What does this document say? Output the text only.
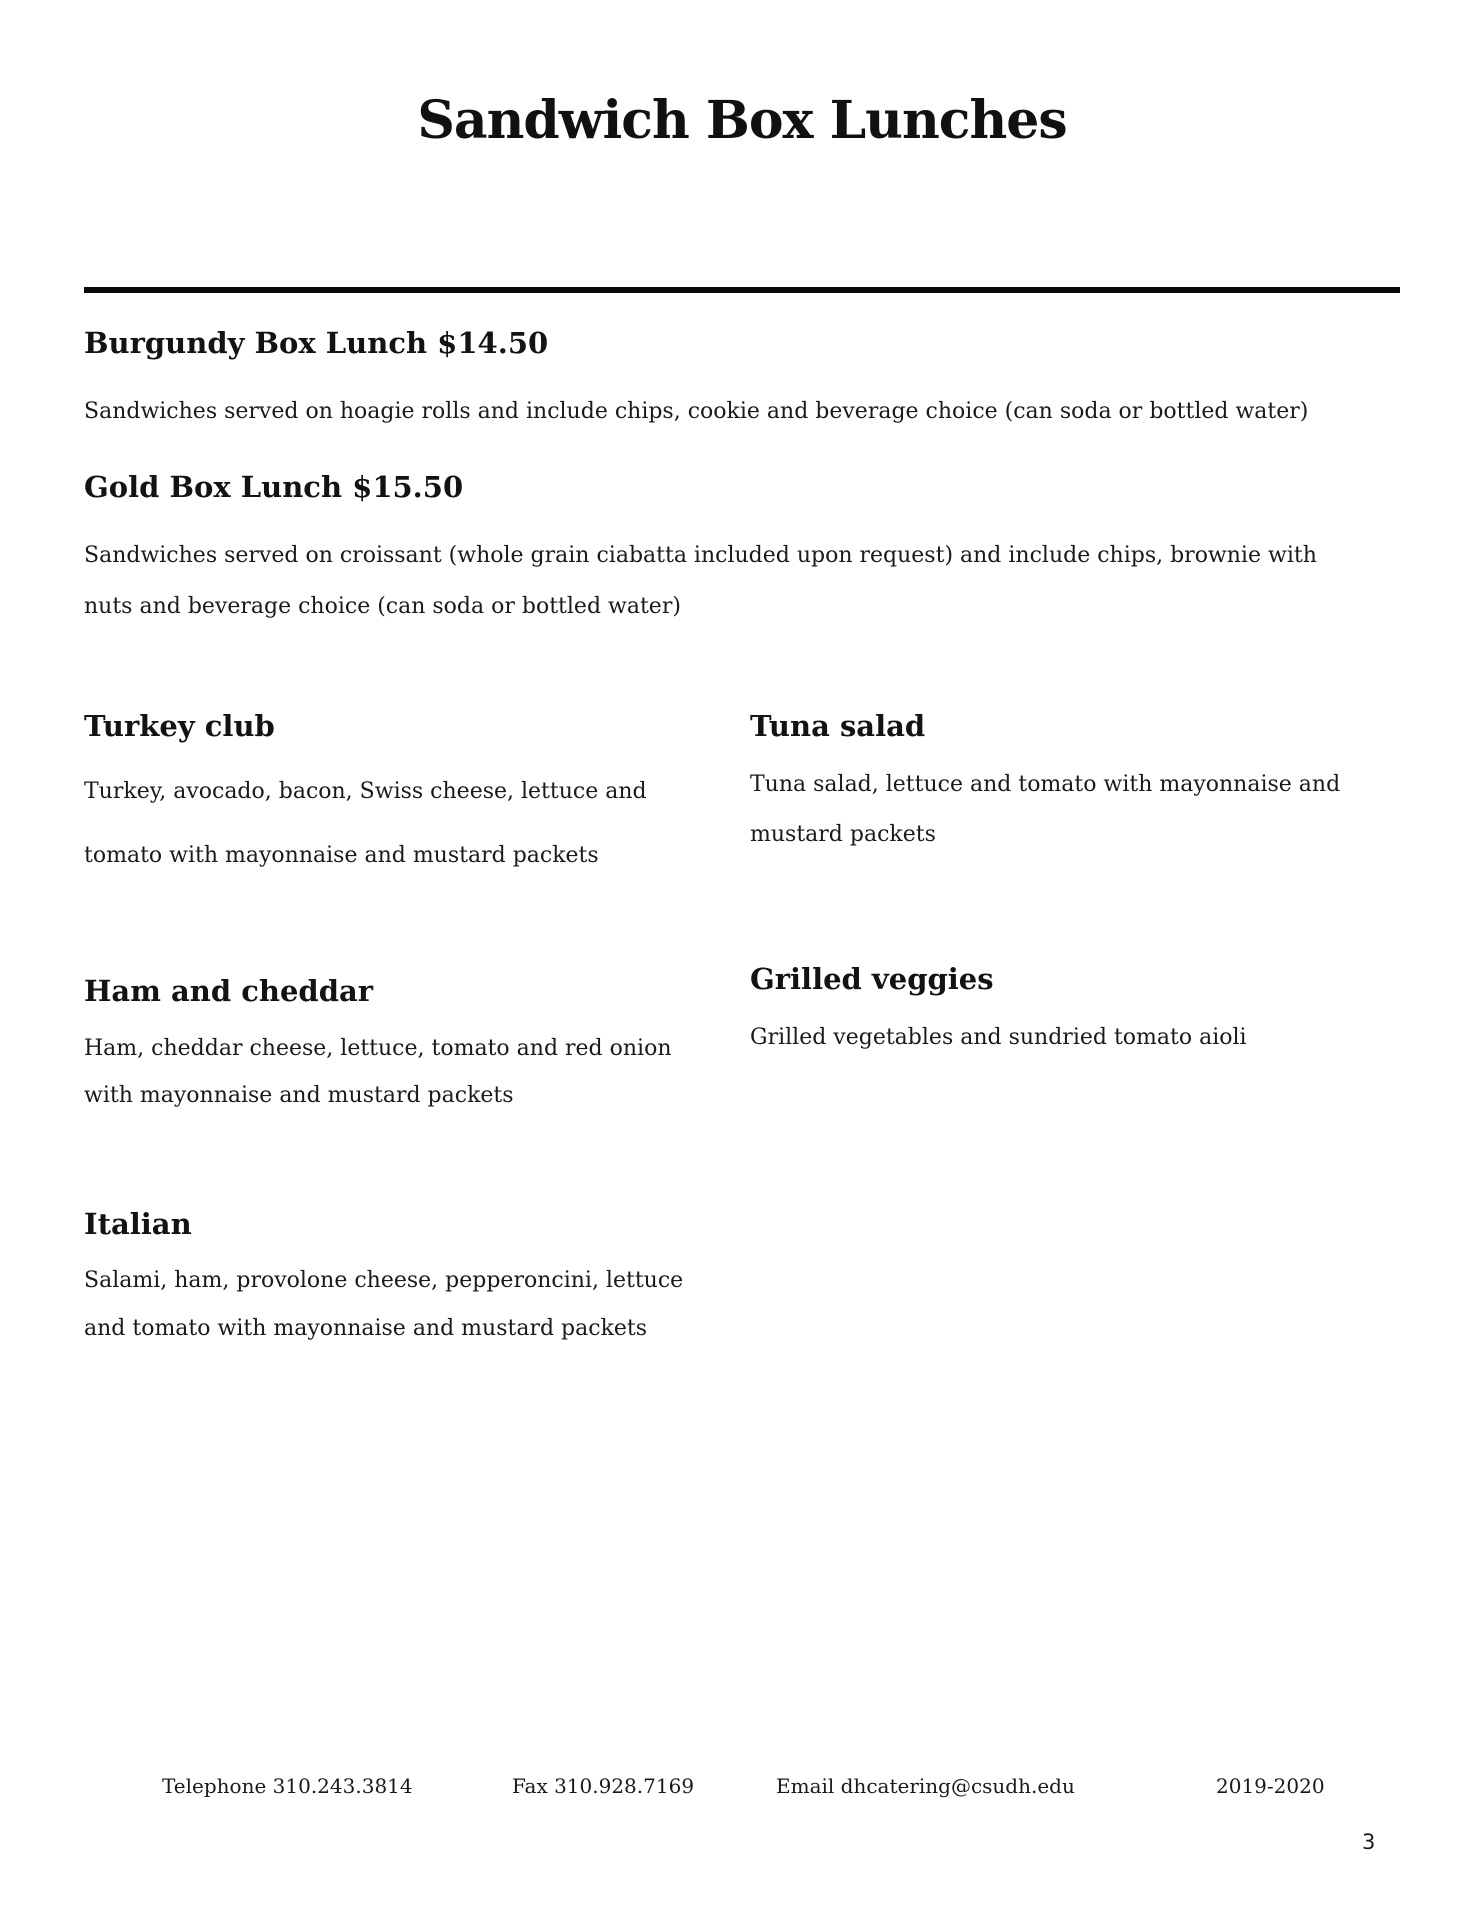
Sandwich Box Lunches
Burgundy Box Lunch $14.50
Sandwiches served on hoagie rolls and include chips, cookie and beverage choice (can soda or bottled water)
Gold Box Lunch $15.50
Sandwiches served on croissant (whole grain ciabatta included upon request) and include chips, brownie with nuts and beverage choice (can soda or bottled water)
Turkey club
Turkey, avocado, bacon, Swiss cheese, lettuce and tomato with mayonnaise and mustard packets
Ham and cheddar
Ham, cheddar cheese, lettuce, tomato and red onion with mayonnaise and mustard packets
Italian
Salami, ham, provolone cheese, pepperoncini, lettuce and tomato with mayonnaise and mustard packets
Tuna salad
Tuna salad, lettuce and tomato with mayonnaise and mustard packets
Grilled veggies
Grilled vegetables and sundried tomato aioli
Telephone 310.243.3814	Fax 310.928.7169	Email dhcatering@csudh.edu	2019-2020
3
